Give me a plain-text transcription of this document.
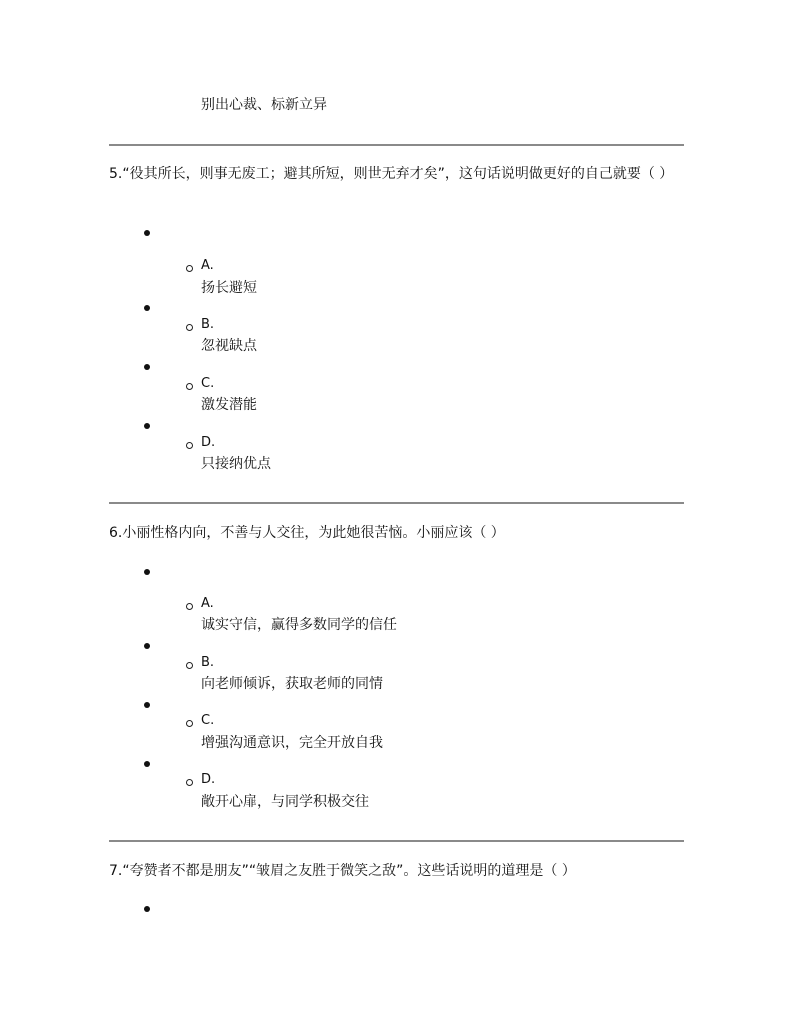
别出心裁、标新立异
5.“役其所长，则事无废工；避其所短，则世无弃才矣”，这句话说明做更好的自己就要（ ）
A.
扬长避短
B.
忽视缺点
C.
激发潜能
D.
只接纳优点
6.小丽性格内向，不善与人交往，为此她很苦恼。小丽应该（ ）
A.
诚实守信，赢得多数同学的信任
B.
向老师倾诉，获取老师的同情
C.
增强沟通意识，完全开放自我
D.
敞开心扉，与同学积极交往
7.“夸赞者不都是朋友”“皱眉之友胜于微笑之敌”。这些话说明的道理是（ ）
